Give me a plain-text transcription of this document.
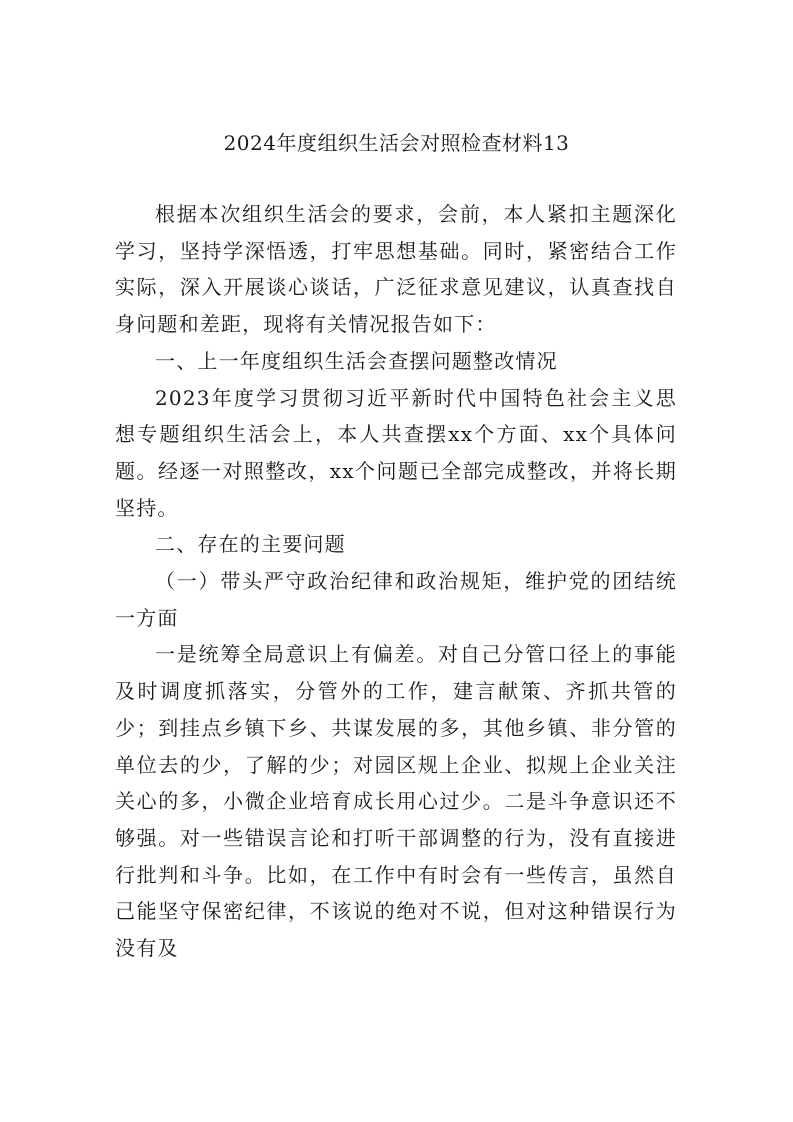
2024年度组织生活会对照检查材料13

根据本次组织生活会的要求，会前，本人紧扣主题深化学习，坚持学深悟透，打牢思想基础。同时，紧密结合工作实际，深入开展谈心谈话，广泛征求意见建议，认真查找自身问题和差距，现将有关情况报告如下：

一、上一年度组织生活会查摆问题整改情况

2023年度学习贯彻习近平新时代中国特色社会主义思想专题组织生活会上，本人共查摆xx个方面、xx个具体问题。经逐一对照整改，xx个问题已全部完成整改，并将长期坚持。

二、存在的主要问题

（一）带头严守政治纪律和政治规矩，维护党的团结统一方面

一是统筹全局意识上有偏差。对自己分管口径上的事能及时调度抓落实，分管外的工作，建言献策、齐抓共管的少；到挂点乡镇下乡、共谋发展的多，其他乡镇、非分管的单位去的少，了解的少；对园区规上企业、拟规上企业关注关心的多，小微企业培育成长用心过少。二是斗争意识还不够强。对一些错误言论和打听干部调整的行为，没有直接进行批判和斗争。比如，在工作中有时会有一些传言，虽然自己能坚守保密纪律，不该说的绝对不说，但对这种错误行为没有及
